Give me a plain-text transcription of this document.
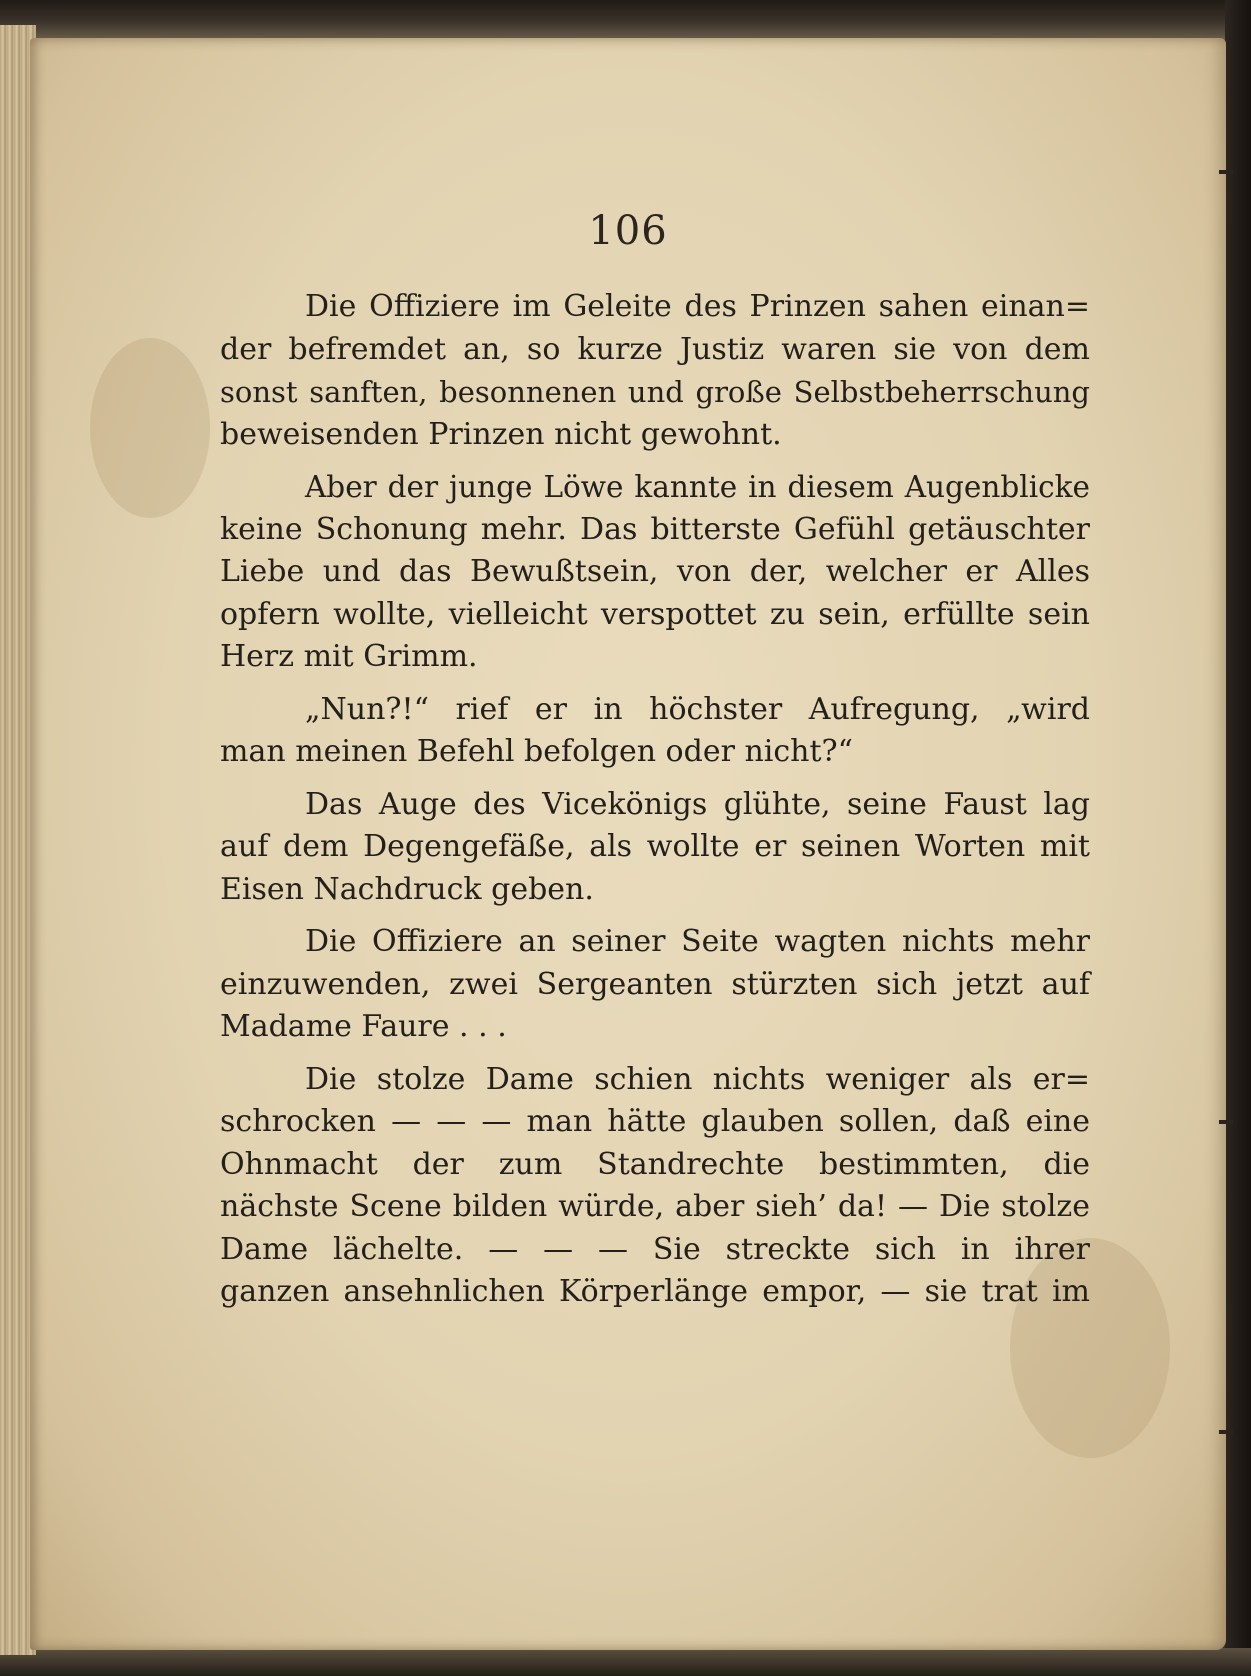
106
Die Offiziere im Geleite des Prinzen sahen einan=
der befremdet an, so kurze Justiz waren sie von dem
sonst sanften, besonnenen und große Selbstbeherrschung
beweisenden Prinzen nicht gewohnt.
Aber der junge Löwe kannte in diesem Augenblicke
keine Schonung mehr. Das bitterste Gefühl getäuschter
Liebe und das Bewußtsein, von der, welcher er Alles
opfern wollte, vielleicht verspottet zu sein, erfüllte sein
Herz mit Grimm.
„Nun?!“ rief er in höchster Aufregung, „wird
man meinen Befehl befolgen oder nicht?“
Das Auge des Vicekönigs glühte, seine Faust lag
auf dem Degengefäße, als wollte er seinen Worten mit
Eisen Nachdruck geben.
Die Offiziere an seiner Seite wagten nichts mehr
einzuwenden, zwei Sergeanten stürzten sich jetzt auf
Madame Faure . . .
Die stolze Dame schien nichts weniger als er=
schrocken — — — man hätte glauben sollen, daß eine
Ohnmacht der zum Standrechte bestimmten, die
nächste Scene bilden würde, aber sieh’ da! — Die stolze
Dame lächelte. — — — Sie streckte sich in ihrer
ganzen ansehnlichen Körperlänge empor, — sie trat im
